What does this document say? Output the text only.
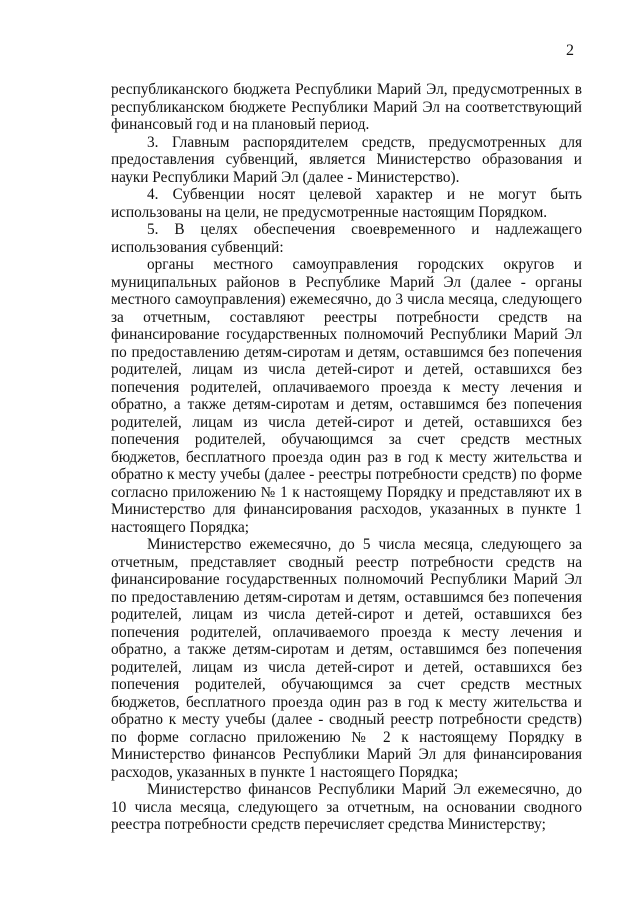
2

республиканского бюджета Республики Марий Эл, предусмотренных в республиканском бюджете Республики Марий Эл на соответствующий финансовый год и на плановый период.

3. Главным распорядителем средств, предусмотренных для предоставления субвенций, является Министерство образования и науки Республики Марий Эл (далее - Министерство).

4. Субвенции носят целевой характер и не могут быть использованы на цели, не предусмотренные настоящим Порядком.

5. В целях обеспечения своевременного и надлежащего использования субвенций:

органы местного самоуправления городских округов и муниципальных районов в Республике Марий Эл (далее - органы местного самоуправления) ежемесячно, до 3 числа месяца, следующего за отчетным, составляют реестры потребности средств на финансирование государственных полномочий Республики Марий Эл по предоставлению детям-сиротам и детям, оставшимся без попечения родителей, лицам из числа детей-сирот и детей, оставшихся без попечения родителей, оплачиваемого проезда к месту лечения и обратно, а также детям-сиротам и детям, оставшимся без попечения родителей, лицам из числа детей-сирот и детей, оставшихся без попечения родителей, обучающимся за счет средств местных бюджетов, бесплатного проезда один раз в год к месту жительства и обратно к месту учебы (далее - реестры потребности средств) по форме согласно приложению № 1 к настоящему Порядку и представляют их в Министерство для финансирования расходов, указанных в пункте 1 настоящего Порядка;

Министерство ежемесячно, до 5 числа месяца, следующего за отчетным, представляет сводный реестр потребности средств на финансирование государственных полномочий Республики Марий Эл по предоставлению детям-сиротам и детям, оставшимся без попечения родителей, лицам из числа детей-сирот и детей, оставшихся без попечения родителей, оплачиваемого проезда к месту лечения и обратно, а также детям-сиротам и детям, оставшимся без попечения родителей, лицам из числа детей-сирот и детей, оставшихся без попечения родителей, обучающимся за счет средств местных бюджетов, бесплатного проезда один раз в год к месту жительства и обратно к месту учебы (далее - сводный реестр потребности средств) по форме согласно приложению № 2 к настоящему Порядку в Министерство финансов Республики Марий Эл для финансирования расходов, указанных в пункте 1 настоящего Порядка;

Министерство финансов Республики Марий Эл ежемесячно, до 10 числа месяца, следующего за отчетным, на основании сводного реестра потребности средств перечисляет средства Министерству;
